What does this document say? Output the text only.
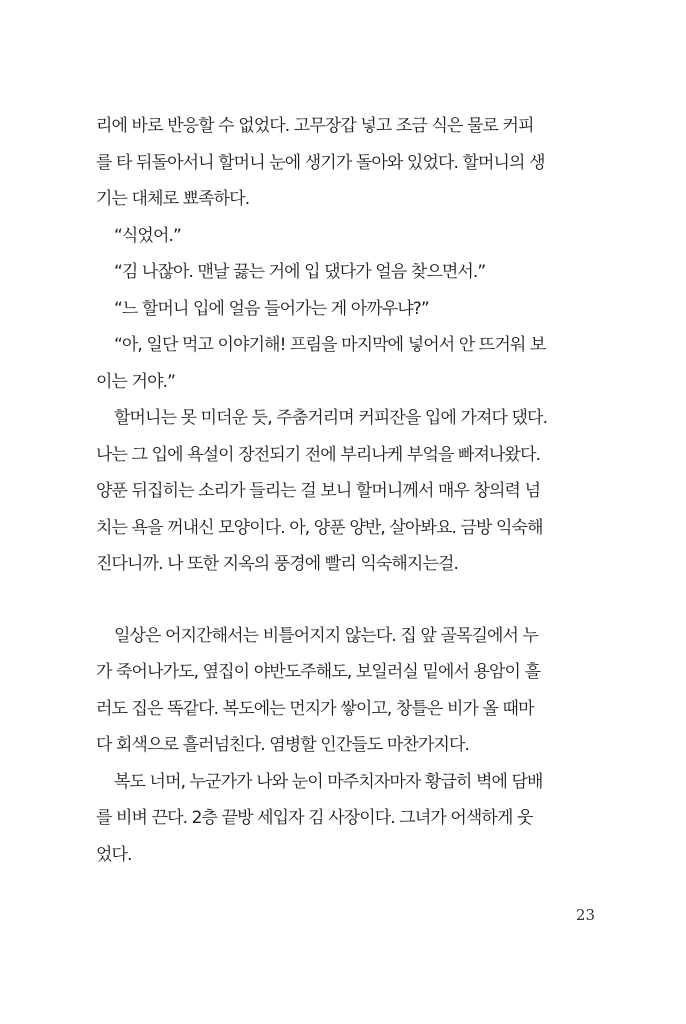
리에 바로 반응할 수 없었다. 고무장갑 넣고 조금 식은 물로 커피
를 타 뒤돌아서니 할머니 눈에 생기가 돌아와 있었다. 할머니의 생
기는 대체로 뾰족하다.
“식었어.”
“김 나잖아. 맨날 끓는 거에 입 댔다가 얼음 찾으면서.”
“느 할머니 입에 얼음 들어가는 게 아까우냐?”
“아, 일단 먹고 이야기해! 프림을 마지막에 넣어서 안 뜨거워 보
이는 거야.”
할머니는 못 미더운 듯, 주춤거리며 커피잔을 입에 가져다 댔다.
나는 그 입에 욕설이 장전되기 전에 부리나케 부엌을 빠져나왔다.
양푼 뒤집히는 소리가 들리는 걸 보니 할머니께서 매우 창의력 넘
치는 욕을 꺼내신 모양이다. 아, 양푼 양반, 살아봐요. 금방 익숙해
진다니까. 나 또한 지옥의 풍경에 빨리 익숙해지는걸.
일상은 어지간해서는 비틀어지지 않는다. 집 앞 골목길에서 누
가 죽어나가도, 옆집이 야반도주해도, 보일러실 밑에서 용암이 흘
러도 집은 똑같다. 복도에는 먼지가 쌓이고, 창틀은 비가 올 때마
다 회색으로 흘러넘친다. 염병할 인간들도 마찬가지다.
복도 너머, 누군가가 나와 눈이 마주치자마자 황급히 벽에 담배
를 비벼 끈다. 2층 끝방 세입자 김 사장이다. 그녀가 어색하게 웃
었다.
23
